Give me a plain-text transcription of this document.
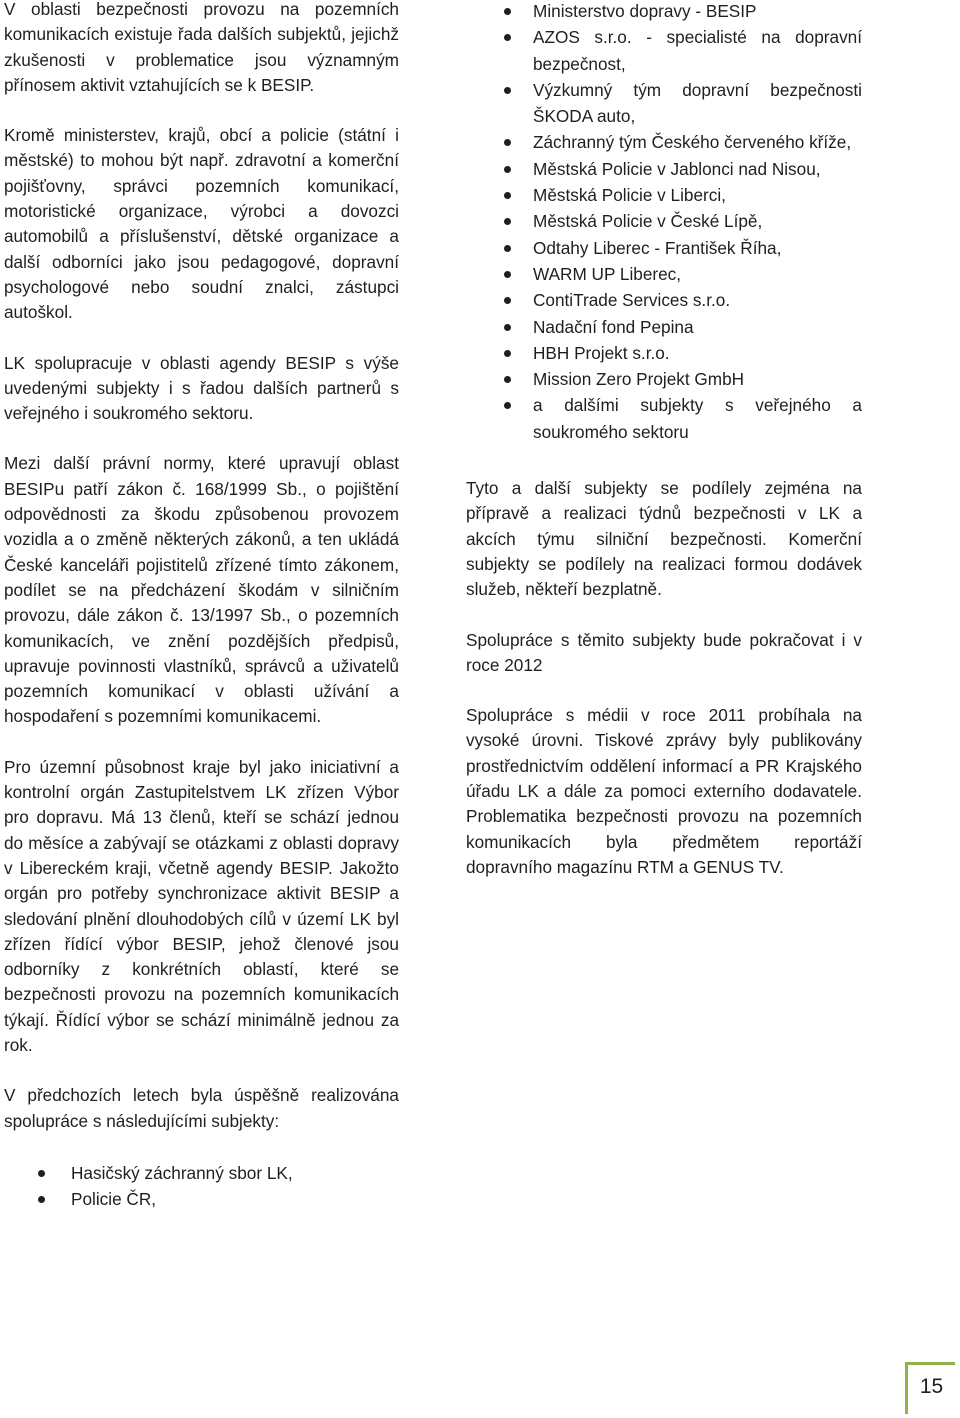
V oblasti bezpečnosti provozu na pozemních komunikacích existuje řada dalších subjektů, jejichž zkušenosti v problematice jsou významným přínosem aktivit vztahujících se k BESIP.

Kromě ministerstev, krajů, obcí a policie (státní i městské) to mohou být např. zdravotní a komerční pojišťovny, správci pozemních komunikací, motoristické organizace, výrobci a dovozci automobilů a příslušenství, dětské organizace a další odborníci jako jsou pedagogové, dopravní psychologové nebo soudní znalci, zástupci autoškol.

LK spolupracuje v oblasti agendy BESIP s výše uvedenými subjekty i s řadou dalších partnerů s veřejného i soukromého sektoru.

Mezi další právní normy, které upravují oblast BESIPu patří zákon č. 168/1999 Sb., o pojištění odpovědnosti za škodu způsobenou provozem vozidla a o změně některých zákonů, a ten ukládá České kanceláři pojistitelů zřízené tímto zákonem, podílet se na předcházení škodám v silničním provozu, dále zákon č. 13/1997 Sb., o pozemních komunikacích, ve znění pozdějších předpisů, upravuje povinnosti vlastníků, správců a uživatelů pozemních komunikací v oblasti užívání a hospodaření s pozemními komunikacemi.

Pro územní působnost kraje byl jako iniciativní a kontrolní orgán Zastupitelstvem LK zřízen Výbor pro dopravu. Má 13 členů, kteří se schází jednou do měsíce a zabývají se otázkami z oblasti dopravy v Libereckém kraji, včetně agendy BESIP. Jakožto orgán pro potřeby synchronizace aktivit BESIP a sledování plnění dlouhodobých cílů v území LK byl zřízen řídící výbor BESIP, jehož členové jsou odborníky z konkrétních oblastí, které se bezpečnosti provozu na pozemních komunikacích týkají. Řídící výbor se schází minimálně jednou za rok.

V předchozích letech byla úspěšně realizována spolupráce s následujícími subjekty:

Hasičský záchranný sbor LK,
Policie ČR,
Ministerstvo dopravy - BESIP
AZOS s.r.o. - specialisté na dopravní bezpečnost,
Výzkumný tým dopravní bezpečnosti ŠKODA auto,
Záchranný tým Českého červeného kříže,
Městská Policie v Jablonci nad Nisou,
Městská Policie v Liberci,
Městská Policie v České Lípě,
Odtahy Liberec - František Říha,
WARM UP Liberec,
ContiTrade Services s.r.o.
Nadační fond Pepina
HBH Projekt s.r.o.
Mission Zero Projekt GmbH
a dalšími subjekty s veřejného a soukromého sektoru

Tyto a další subjekty se podílely zejména na přípravě a realizaci týdnů bezpečnosti v LK a akcích týmu silniční bezpečnosti. Komerční subjekty se podílely na realizaci formou dodávek služeb, někteří bezplatně.

Spolupráce s těmito subjekty bude pokračovat i v roce 2012

Spolupráce s médii v roce 2011 probíhala na vysoké úrovni. Tiskové zprávy byly publikovány prostřednictvím oddělení informací a PR Krajského úřadu LK a dále za pomoci externího dodavatele. Problematika bezpečnosti provozu na pozemních komunikacích byla předmětem reportáží dopravního magazínu RTM a GENUS TV.

15
